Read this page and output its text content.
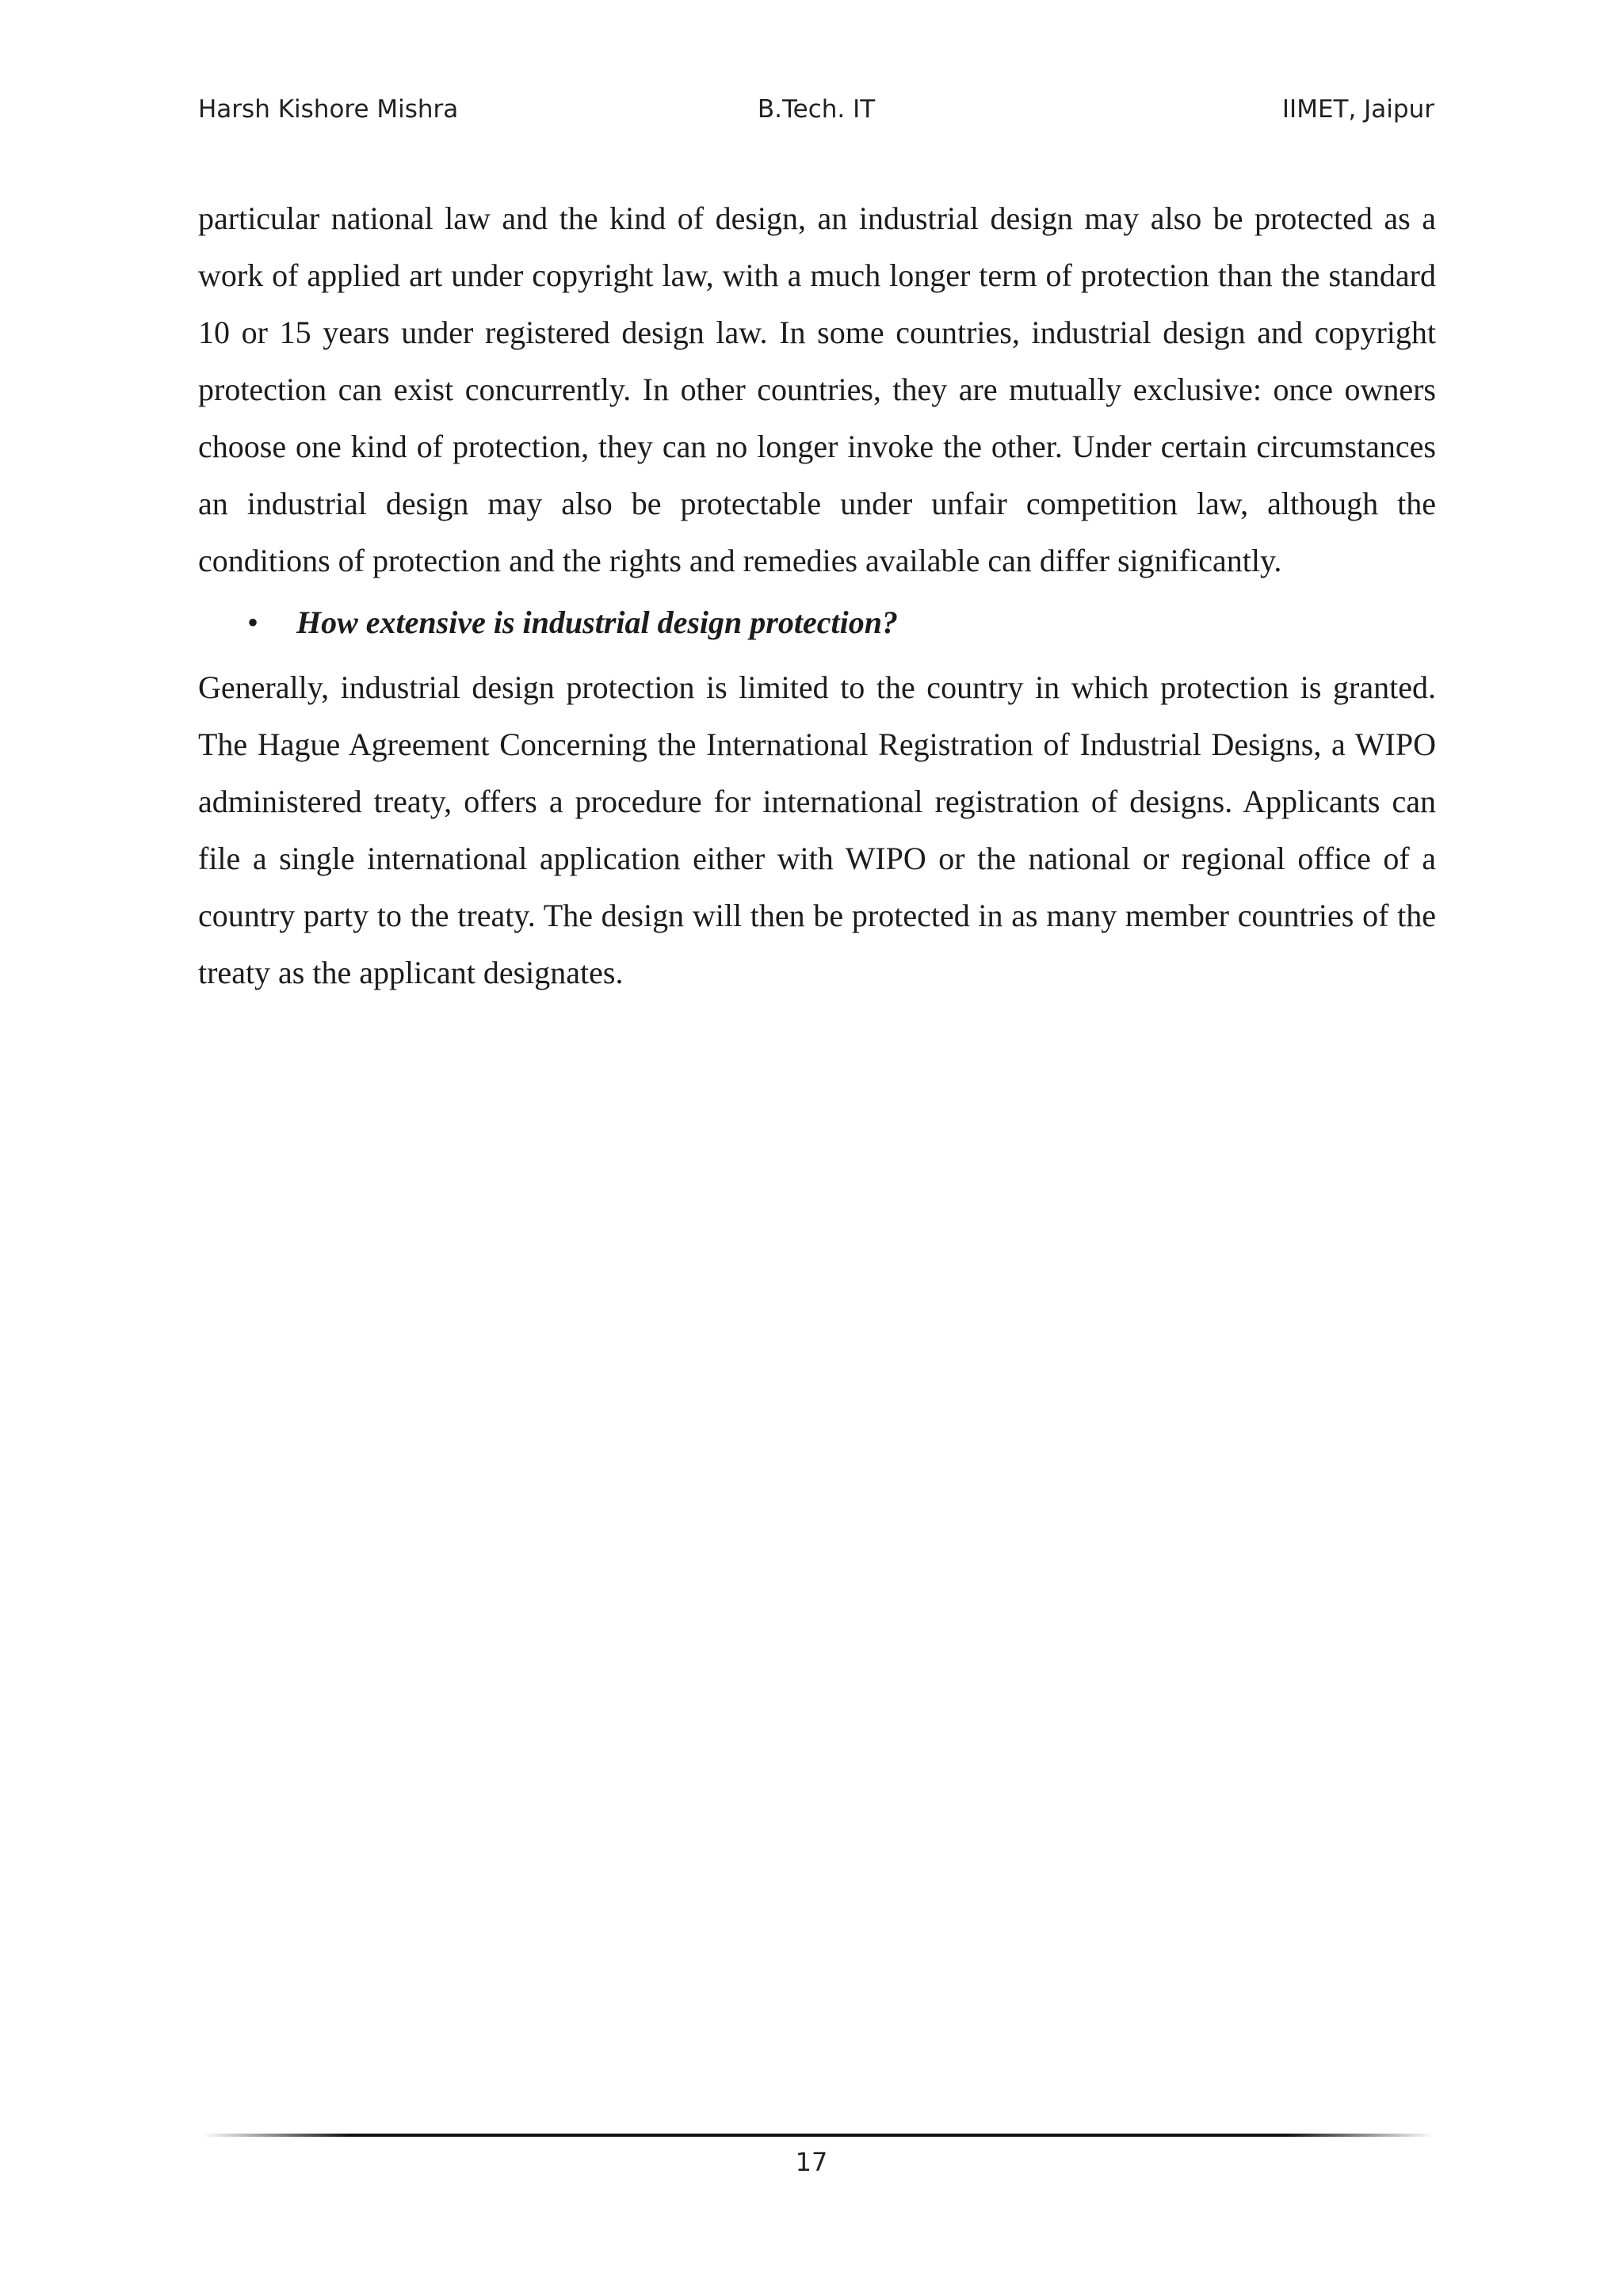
Harsh Kishore Mishra	B.Tech. IT	IIMET, Jaipur

particular national law and the kind of design, an industrial design may also be protected as a work of applied art under copyright law, with a much longer term of protection than the standard 10 or 15 years under registered design law. In some countries, industrial design and copyright protection can exist concurrently. In other countries, they are mutually exclusive: once owners choose one kind of protection, they can no longer invoke the other. Under certain circumstances an industrial design may also be protectable under unfair competition law, although the conditions of protection and the rights and remedies available can differ significantly.

• How extensive is industrial design protection?

Generally, industrial design protection is limited to the country in which protection is granted. The Hague Agreement Concerning the International Registration of Industrial Designs, a WIPO administered treaty, offers a procedure for international registration of designs. Applicants can file a single international application either with WIPO or the national or regional office of a country party to the treaty. The design will then be protected in as many member countries of the treaty as the applicant designates.

17
